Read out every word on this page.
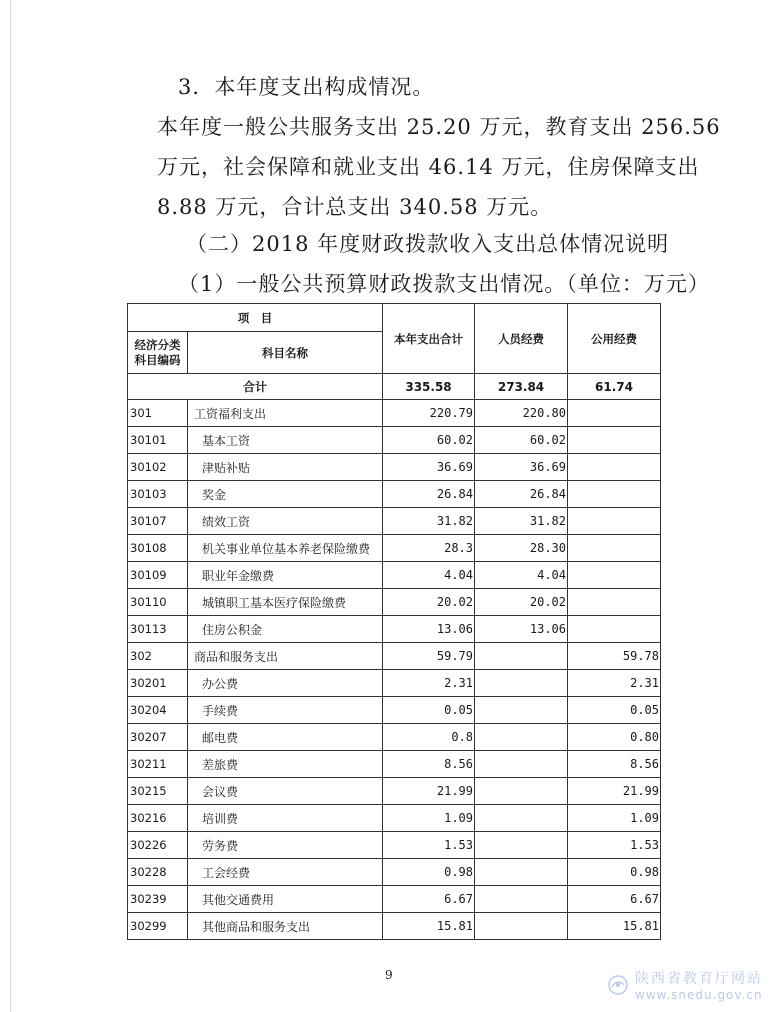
3．本年度支出构成情况。
本年度一般公共服务支出 25.20 万元，教育支出 256.56
万元，社会保障和就业支出 46.14 万元，住房保障支出
8.88 万元，合计总支出 340.58 万元。
（二）2018 年度财政拨款收入支出总体情况说明
（1）一般公共预算财政拨款支出情况。（单位：万元）
项　目		本年支出合计	人员经费	公用经费
经济分类科目编码	科目名称			
合计		335.58	273.84	61.74
301	工资福利支出	220.79	220.80	
30101	基本工资	60.02	60.02	
30102	津贴补贴	36.69	36.69	
30103	奖金	26.84	26.84	
30107	绩效工资	31.82	31.82	
30108	机关事业单位基本养老保险缴费	28.3	28.30	
30109	职业年金缴费	4.04	4.04	
30110	城镇职工基本医疗保险缴费	20.02	20.02	
30113	住房公积金	13.06	13.06	
302	商品和服务支出	59.79		59.78
30201	办公费	2.31		2.31
30204	手续费	0.05		0.05
30207	邮电费	0.8		0.80
30211	差旅费	8.56		8.56
30215	会议费	21.99		21.99
30216	培训费	1.09		1.09
30226	劳务费	1.53		1.53
30228	工会经费	0.98		0.98
30239	其他交通费用	6.67		6.67
30299	其他商品和服务支出	15.81		15.81
9	陕西省教育厅网站
www.snedu.gov.cn
